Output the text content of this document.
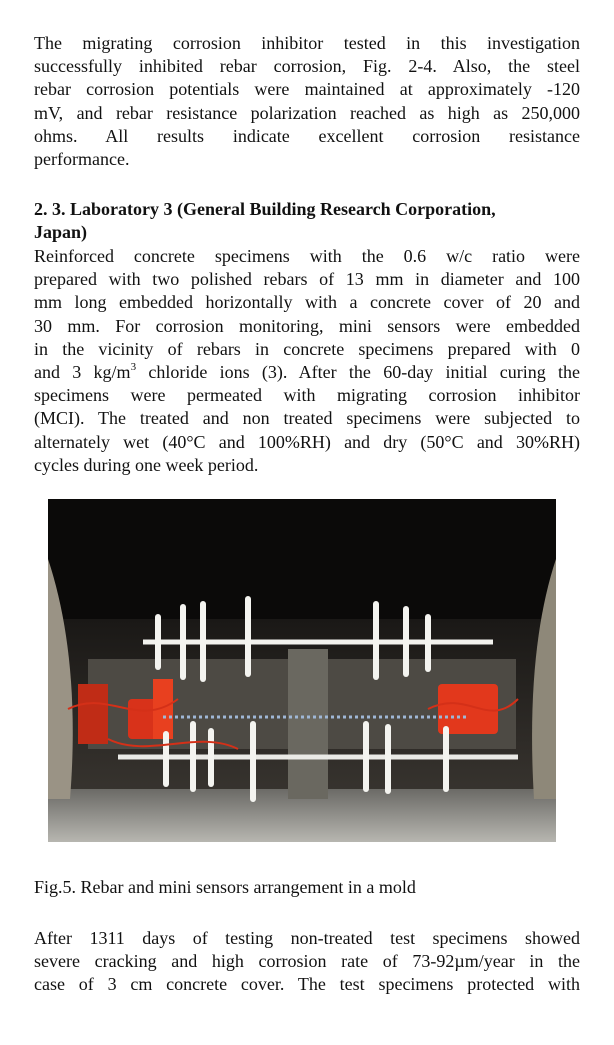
The migrating corrosion inhibitor tested in this investigation
successfully inhibited rebar corrosion, Fig. 2-4. Also, the steel
rebar corrosion potentials were maintained at approximately -120
mV, and rebar resistance polarization reached as high as 250,000
ohms. All results indicate excellent corrosion resistance
performance.

2. 3. Laboratory 3 (General Building Research Corporation,
Japan)

Reinforced concrete specimens with the 0.6 w/c ratio were
prepared with two polished rebars of 13 mm in diameter and 100
mm long embedded horizontally with a concrete cover of 20 and
30 mm. For corrosion monitoring, mini sensors were embedded
in the vicinity of rebars in concrete specimens prepared with 0
and 3 $kg/m^3$ chloride ions (3). After the 60-day initial curing the
specimens were permeated with migrating corrosion inhibitor
(MCI). The treated and non treated specimens were subjected to
alternately wet (40°C and 100%RH) and dry (50°C and 30%RH)
cycles during one week period.

Fig.5. Rebar and mini sensors arrangement in a mold

After 1311 days of testing non-treated test specimens showed
severe cracking and high corrosion rate of 73-92µm/year in the
case of 3 cm concrete cover. The test specimens protected with
